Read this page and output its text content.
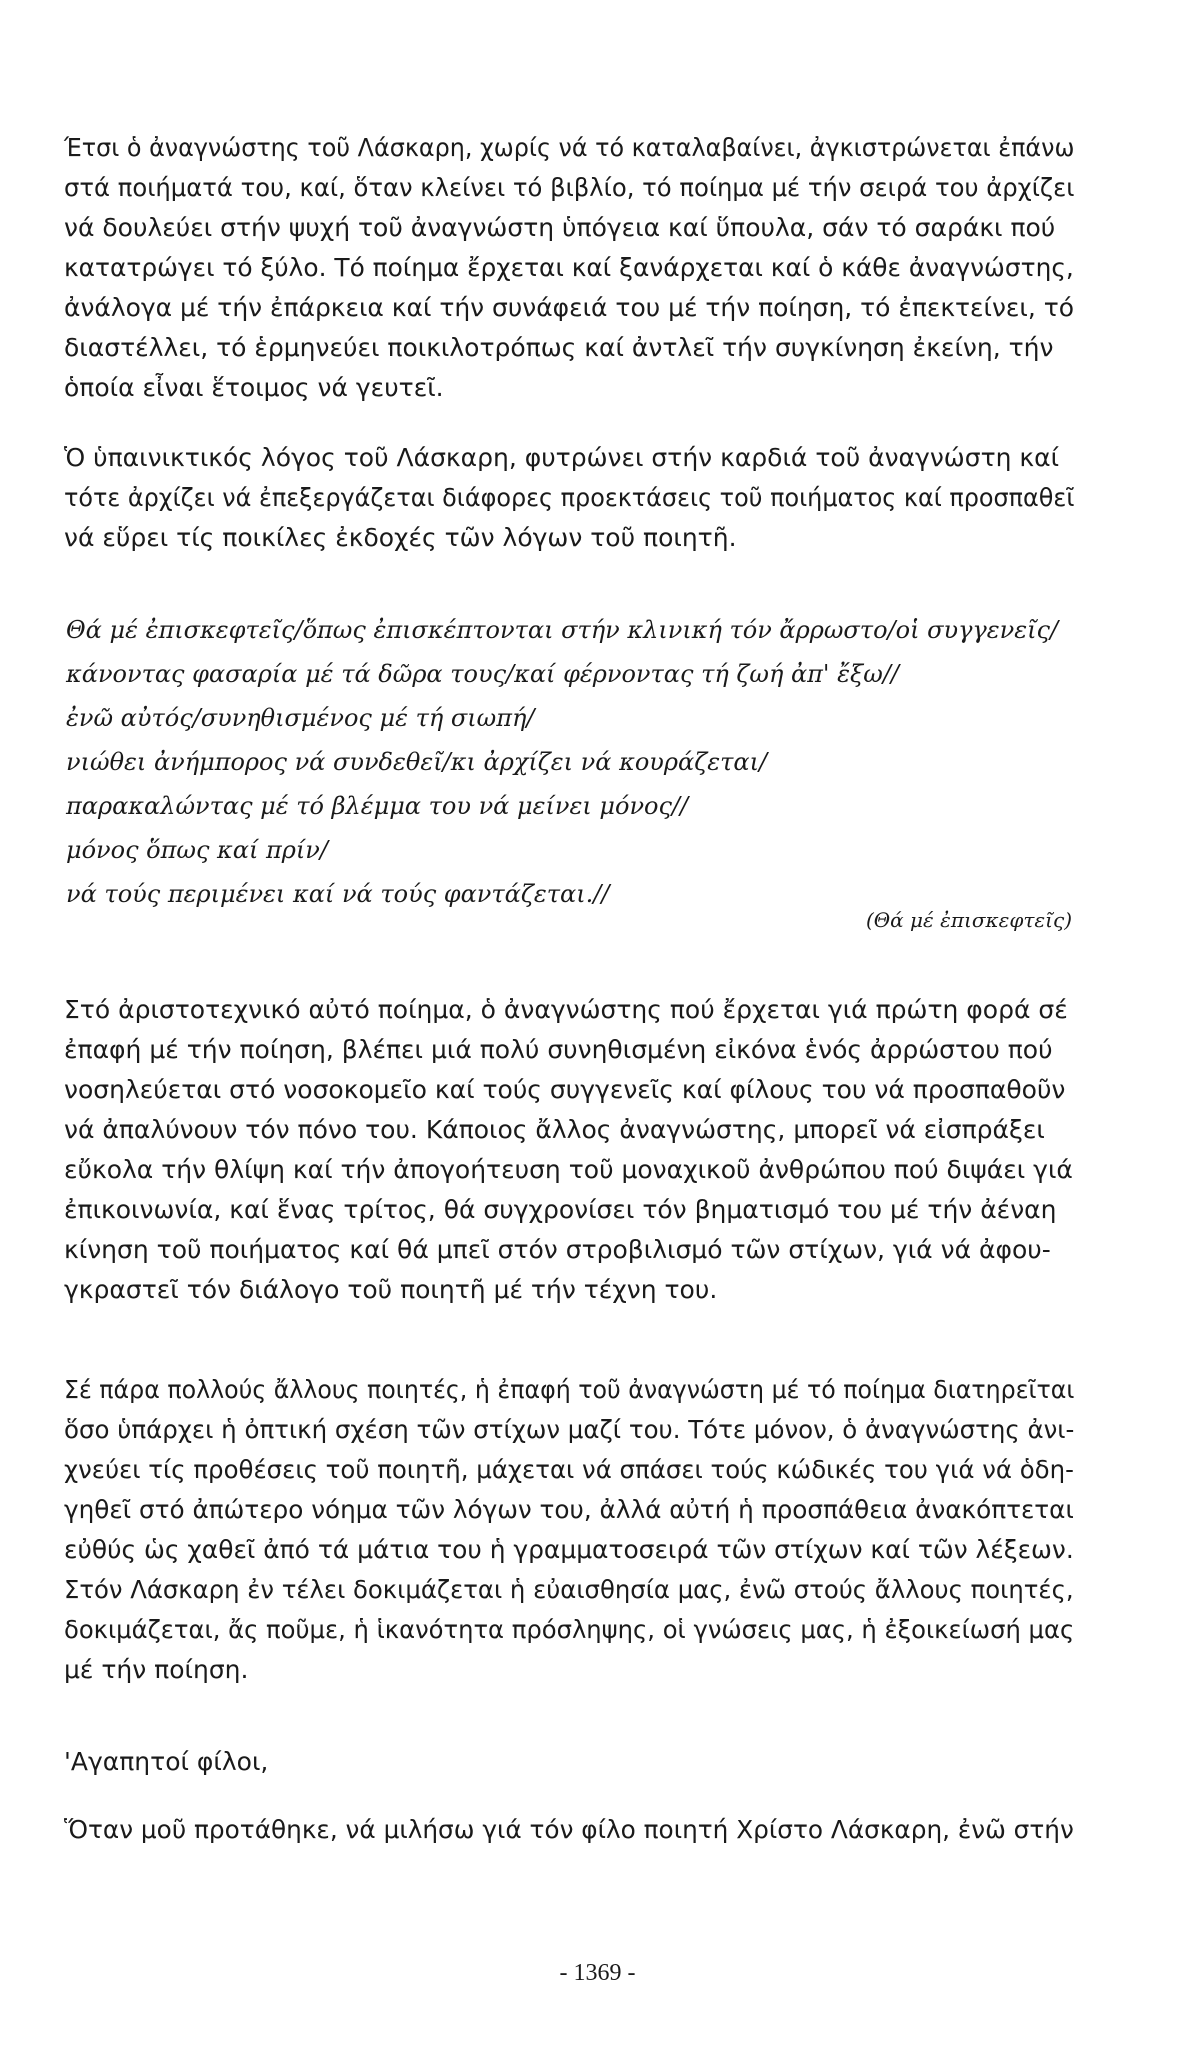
Έτσι ὁ ἀναγνώστης τοῦ Λάσκαρη, χωρίς νά τό καταλαβαίνει, ἀγκιστρώνεται ἐπάνω
στά ποιήματά του, καί, ὅταν κλείνει τό βιβλίο, τό ποίημα μέ τήν σειρά του ἀρχίζει
νά δουλεύει στήν ψυχή τοῦ ἀναγνώστη ὑπόγεια καί ὕπουλα, σάν τό σαράκι πού
κατατρώγει τό ξύλο. Τό ποίημα ἔρχεται καί ξανάρχεται καί ὁ κάθε ἀναγνώστης,
ἀνάλογα μέ τήν ἐπάρκεια καί τήν συνάφειά του μέ τήν ποίηση, τό ἐπεκτείνει, τό
διαστέλλει, τό ἑρμηνεύει ποικιλοτρόπως καί ἀντλεῖ τήν συγκίνηση ἐκείνη, τήν
ὁποία εἶναι ἕτοιμος νά γευτεῖ.
Ὁ ὑπαινικτικός λόγος τοῦ Λάσκαρη, φυτρώνει στήν καρδιά τοῦ ἀναγνώστη καί
τότε ἀρχίζει νά ἐπεξεργάζεται διάφορες προεκτάσεις τοῦ ποιήματος καί προσπαθεῖ
νά εὕρει τίς ποικίλες ἐκδοχές τῶν λόγων τοῦ ποιητῆ.
Θά μέ ἐπισκεφτεῖς/ὅπως ἐπισκέπτονται στήν κλινική τόν ἄρρωστο/οἱ συγγενεῖς/
κάνοντας φασαρία μέ τά δῶρα τους/καί φέρνοντας τή ζωή ἀπ' ἔξω//
ἐνῶ αὐτός/συνηθισμένος μέ τή σιωπή/
νιώθει ἀνήμπορος νά συνδεθεῖ/κι ἀρχίζει νά κουράζεται/
παρακαλώντας μέ τό βλέμμα του νά μείνει μόνος//
μόνος ὅπως καί πρίν/
νά τούς περιμένει καί νά τούς φαντάζεται.//
(Θά μέ ἐπισκεφτεῖς)
Στό ἀριστοτεχνικό αὐτό ποίημα, ὁ ἀναγνώστης πού ἔρχεται γιά πρώτη φορά σέ
ἐπαφή μέ τήν ποίηση, βλέπει μιά πολύ συνηθισμένη εἰκόνα ἑνός ἀρρώστου πού
νοσηλεύεται στό νοσοκομεῖο καί τούς συγγενεῖς καί φίλους του νά προσπαθοῦν
νά ἀπαλύνουν τόν πόνο του. Κάποιος ἄλλος ἀναγνώστης, μπορεῖ νά εἰσπράξει
εὔκολα τήν θλίψη καί τήν ἀπογοήτευση τοῦ μοναχικοῦ ἀνθρώπου πού διψάει γιά
ἐπικοινωνία, καί ἕνας τρίτος, θά συγχρονίσει τόν βηματισμό του μέ τήν ἀέναη
κίνηση τοῦ ποιήματος καί θά μπεῖ στόν στροβιλισμό τῶν στίχων, γιά νά ἀφου-
γκραστεῖ τόν διάλογο τοῦ ποιητῆ μέ τήν τέχνη του.
Σέ πάρα πολλούς ἄλλους ποιητές, ἡ ἐπαφή τοῦ ἀναγνώστη μέ τό ποίημα διατηρεῖται
ὅσο ὑπάρχει ἡ ὀπτική σχέση τῶν στίχων μαζί του. Τότε μόνον, ὁ ἀναγνώστης ἀνι-
χνεύει τίς προθέσεις τοῦ ποιητῆ, μάχεται νά σπάσει τούς κώδικές του γιά νά ὁδη-
γηθεῖ στό ἀπώτερο νόημα τῶν λόγων του, ἀλλά αὐτή ἡ προσπάθεια ἀνακόπτεται
εὐθύς ὡς χαθεῖ ἀπό τά μάτια του ἡ γραμματοσειρά τῶν στίχων καί τῶν λέξεων.
Στόν Λάσκαρη ἐν τέλει δοκιμάζεται ἡ εὐαισθησία μας, ἐνῶ στούς ἄλλους ποιητές,
δοκιμάζεται, ἄς ποῦμε, ἡ ἱκανότητα πρόσληψης, οἱ γνώσεις μας, ἡ ἐξοικείωσή μας
μέ τήν ποίηση.
'Αγαπητοί φίλοι,
Ὅταν μοῦ προτάθηκε, νά μιλήσω γιά τόν φίλο ποιητή Χρίστο Λάσκαρη, ἐνῶ στήν
- 1369 -
